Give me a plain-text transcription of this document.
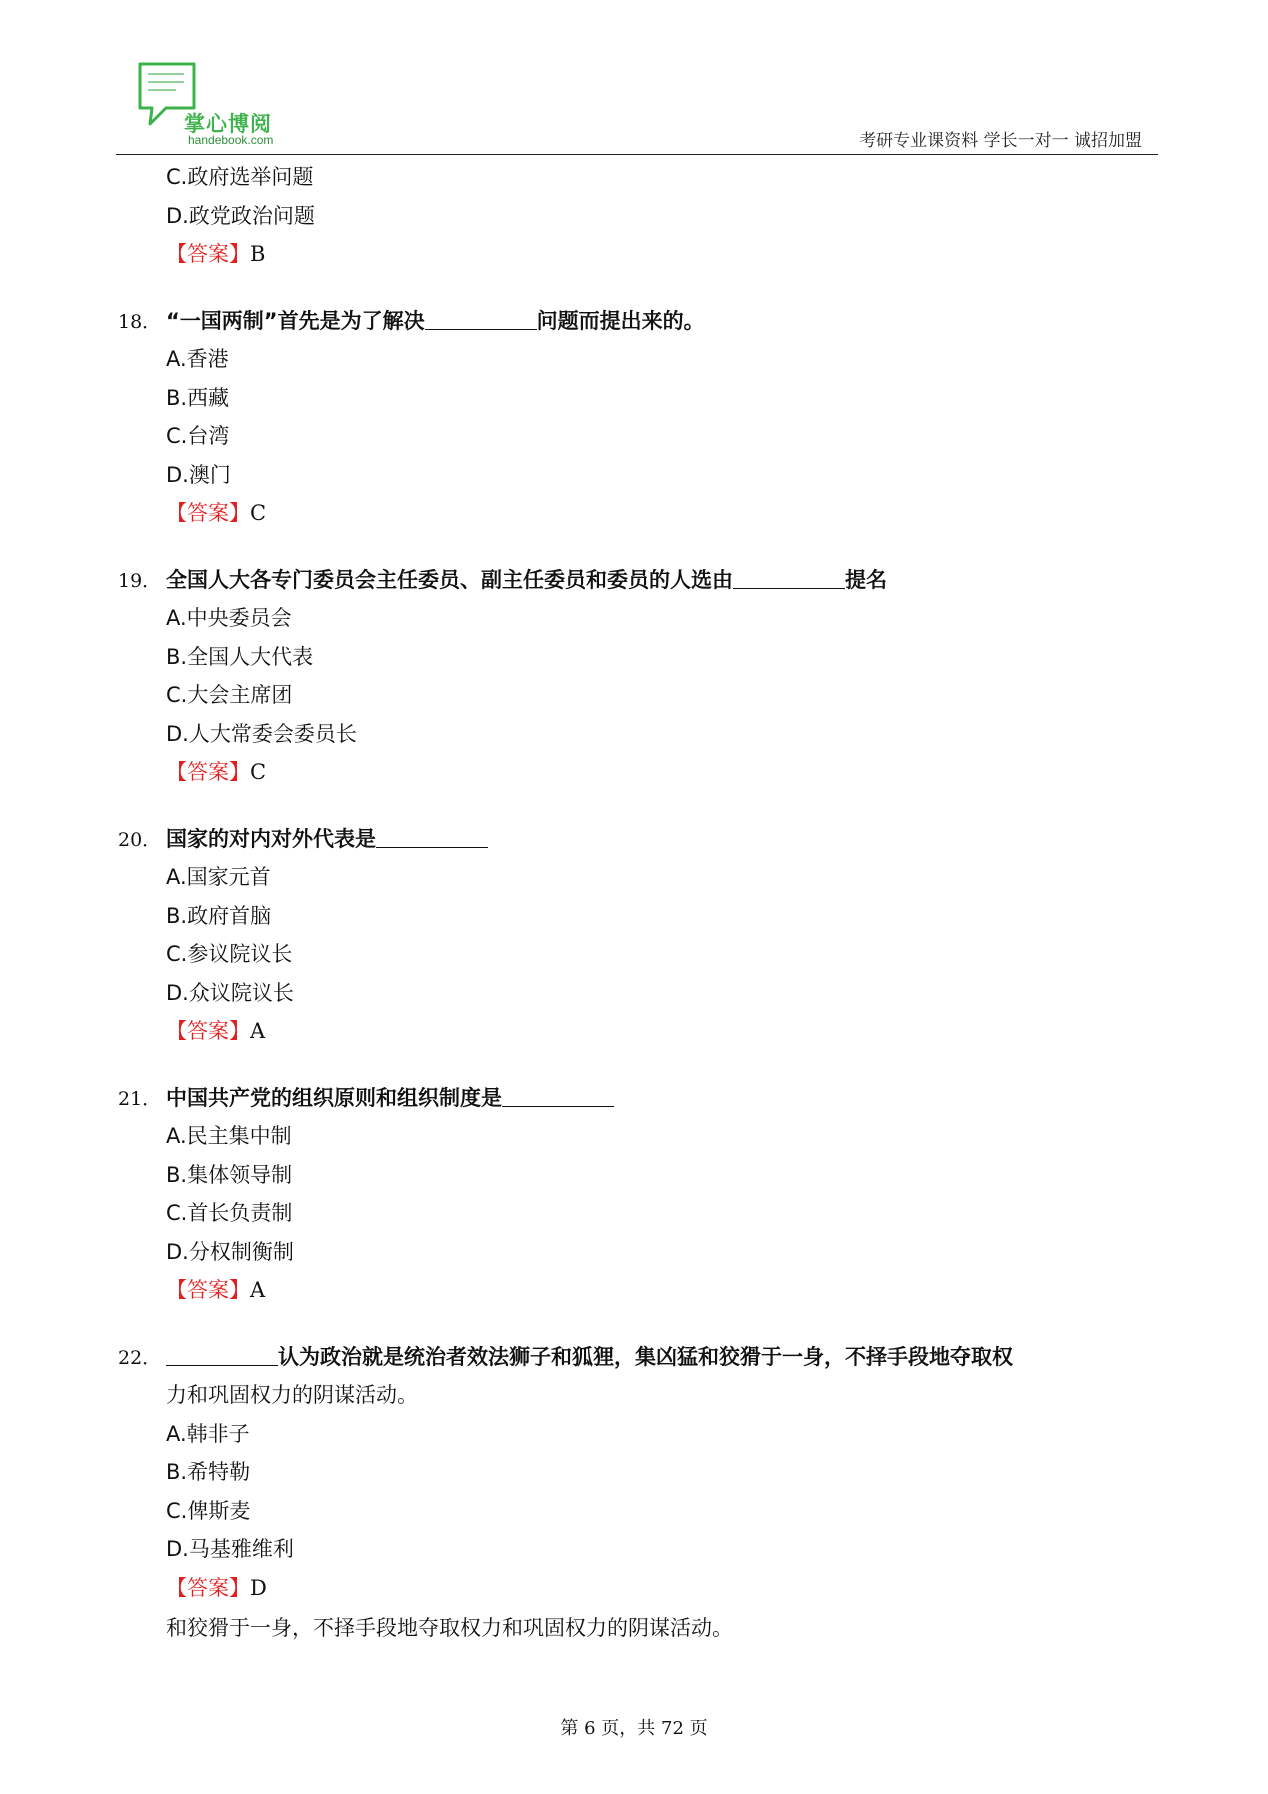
掌心博阅
handebook.com	考研专业课资料 学长一对一 诚招加盟
C.政府选举问题
D.政党政治问题
【答案】B
18． “一国两制”首先是为了解决	问题而提出来的。
A.香港
B.西藏
C.台湾
D.澳门
【答案】C
19． 全国人大各专门委员会主任委员、副主任委员和委员的人选由	提名
A.中央委员会
B.全国人大代表
C.大会主席团
D.人大常委会委员长
【答案】C
20． 国家的对内对外代表是
A.国家元首
B.政府首脑
C.参议院议长
D.众议院议长
【答案】A
21． 中国共产党的组织原则和组织制度是
A.民主集中制
B.集体领导制
C.首长负责制
D.分权制衡制
【答案】A
22．	认为政治就是统治者效法狮子和狐狸，集凶猛和狡猾于一身，不择手段地夺取权
力和巩固权力的阴谋活动。
A.韩非子
B.希特勒
C.俾斯麦
D.马基雅维利
【答案】D
和狡猾于一身，不择手段地夺取权力和巩固权力的阴谋活动。
第 6 页，共 72 页
